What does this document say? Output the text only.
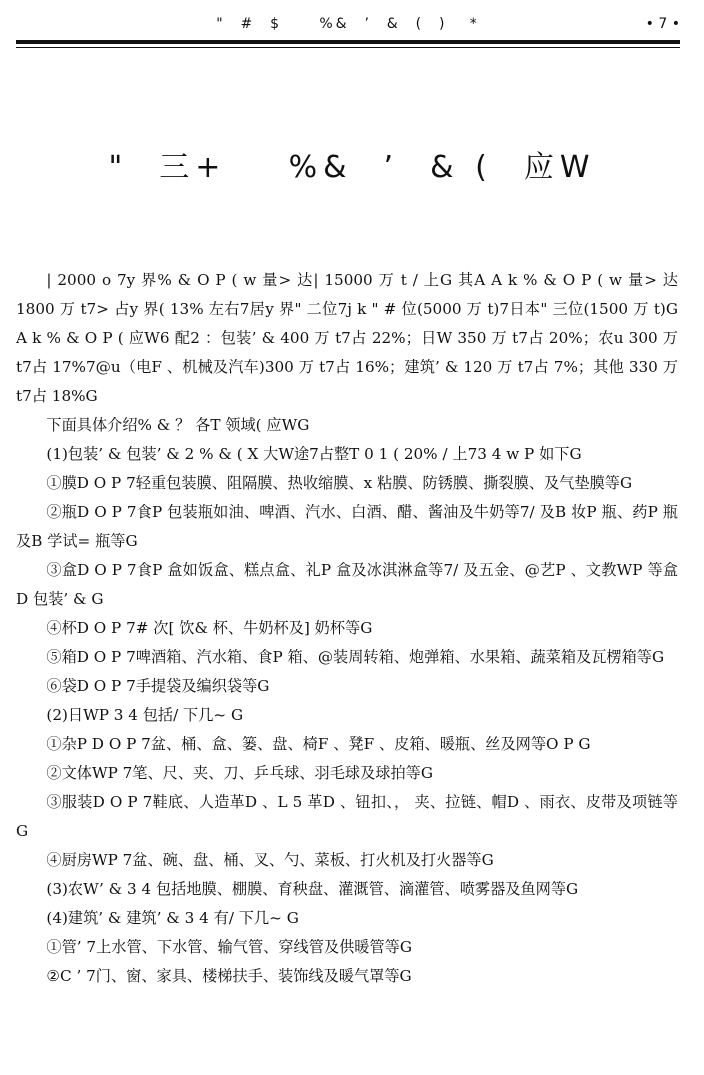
"  #  $     %&  ’  &  (  )   *	• 7 •
"  三+    %&  ’  & (  应W

| 2000 o 7y 界% & O P ( w 量> 达| 15000 万 t / 上G 其A A k % & O P ( w 量> 达 1800 万 t7> 占y 界( 13% 左右7居y 界" 二位7j k " # 位(5000 万 t)7日本" 三位(1500 万 t)G A k % & O P ( 应W6 配2 ：包装’ & 400 万 t7占 22%；日W 350 万 t7占 20%；农u 300 万 t7占 17%7@u（电F 、机械及汽车)300 万 t7占 16%；建筑’ & 120 万 t7占 7%；其他 330 万 t7占 18%G

下面具体介绍% & ？ 各T 领域( 应WG

(1)包装’ & 包装’ & 2 % & ( X 大W途7占整T 0 1 ( 20% / 上73 4 w P 如下G

①膜D O P 7轻重包装膜、阻隔膜、热收缩膜、x 粘膜、防锈膜、撕裂膜、及气垫膜等G

②瓶D O P 7食P 包装瓶如油、啤酒、汽水、白酒、醋、酱油及牛奶等7/ 及B 妆P 瓶、药P 瓶及B 学试= 瓶等G

③盒D O P 7食P 盒如饭盒、糕点盒、礼P 盒及冰淇淋盒等7/ 及五金、@艺P 、文教WP 等盒D 包装’ & G

④杯D O P 7# 次[ 饮& 杯、牛奶杯及] 奶杯等G

⑤箱D O P 7啤酒箱、汽水箱、食P 箱、@装周转箱、炮弹箱、水果箱、蔬菜箱及瓦楞箱等G

⑥袋D O P 7手提袋及编织袋等G

(2)日WP 3 4 包括/ 下几~ G

①杂P D O P 7盆、桶、盒、篓、盘、椅F 、凳F 、皮箱、暖瓶、丝及网等O P G

②文体WP 7笔、尺、夹、刀、乒乓球、羽毛球及球拍等G

③服装D O P 7鞋底、人造革D 、L 5 革D 、钮扣、， 夹、拉链、帽D 、雨衣、皮带及项链等G

④厨房WP 7盆、碗、盘、桶、叉、勺、菜板、打火机及打火器等G

(3)农W’ & 3 4 包括地膜、棚膜、育秧盘、灌溉管、滴灌管、喷雾器及鱼网等G

(4)建筑’ & 建筑’ & 3 4 有/ 下几~ G

①管’ 7上水管、下水管、输气管、穿线管及供暖管等G

②C ’ 7门、窗、家具、楼梯扶手、装饰线及暖气罩等G
